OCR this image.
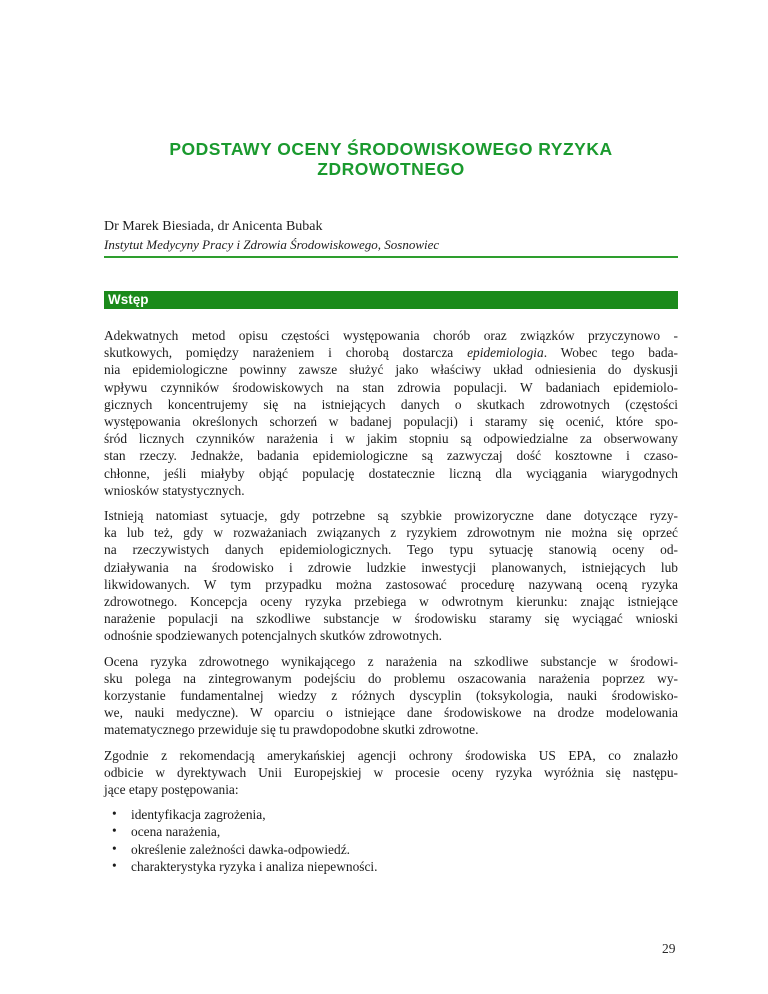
PODSTAWY OCENY ŚRODOWISKOWEGO RYZYKA
ZDROWOTNEGO
Dr Marek Biesiada, dr Anicenta Bubak
Instytut Medycyny Pracy i Zdrowia Środowiskowego, Sosnowiec
Wstęp
Adekwatnych metod opisu częstości występowania chorób oraz związków przyczynowo -
skutkowych, pomiędzy narażeniem i chorobą dostarcza epidemiologia. Wobec tego bada-
nia epidemiologiczne powinny zawsze służyć jako właściwy układ odniesienia do dyskusji
wpływu czynników środowiskowych na stan zdrowia populacji. W badaniach epidemiolo-
gicznych koncentrujemy się na istniejących danych o skutkach zdrowotnych (częstości
występowania określonych schorzeń w badanej populacji) i staramy się ocenić, które spo-
śród licznych czynników narażenia i w jakim stopniu są odpowiedzialne za obserwowany
stan rzeczy. Jednakże, badania epidemiologiczne są zazwyczaj dość kosztowne i czaso-
chłonne, jeśli miałyby objąć populację dostatecznie liczną dla wyciągania wiarygodnych
wniosków statystycznych.
Istnieją natomiast sytuacje, gdy potrzebne są szybkie prowizoryczne dane dotyczące ryzy-
ka lub też, gdy w rozważaniach związanych z ryzykiem zdrowotnym nie można się oprzeć
na rzeczywistych danych epidemiologicznych. Tego typu sytuację stanowią oceny od-
działywania na środowisko i zdrowie ludzkie inwestycji planowanych, istniejących lub
likwidowanych. W tym przypadku można zastosować procedurę nazywaną oceną ryzyka
zdrowotnego. Koncepcja oceny ryzyka przebiega w odwrotnym kierunku: znając istniejące
narażenie populacji na szkodliwe substancje w środowisku staramy się wyciągać wnioski
odnośnie spodziewanych potencjalnych skutków zdrowotnych.
Ocena ryzyka zdrowotnego wynikającego z narażenia na szkodliwe substancje w środowi-
sku polega na zintegrowanym podejściu do problemu oszacowania narażenia poprzez wy-
korzystanie fundamentalnej wiedzy z różnych dyscyplin (toksykologia, nauki środowisko-
we, nauki medyczne). W oparciu o istniejące dane środowiskowe na drodze modelowania
matematycznego przewiduje się tu prawdopodobne skutki zdrowotne.
Zgodnie z rekomendacją amerykańskiej agencji ochrony środowiska US EPA, co znalazło
odbicie w dyrektywach Unii Europejskiej w procesie oceny ryzyka wyróżnia się następu-
jące etapy postępowania:
• identyfikacja zagrożenia,
• ocena narażenia,
• określenie zależności dawka-odpowiedź.
• charakterystyka ryzyka i analiza niepewności.
29
